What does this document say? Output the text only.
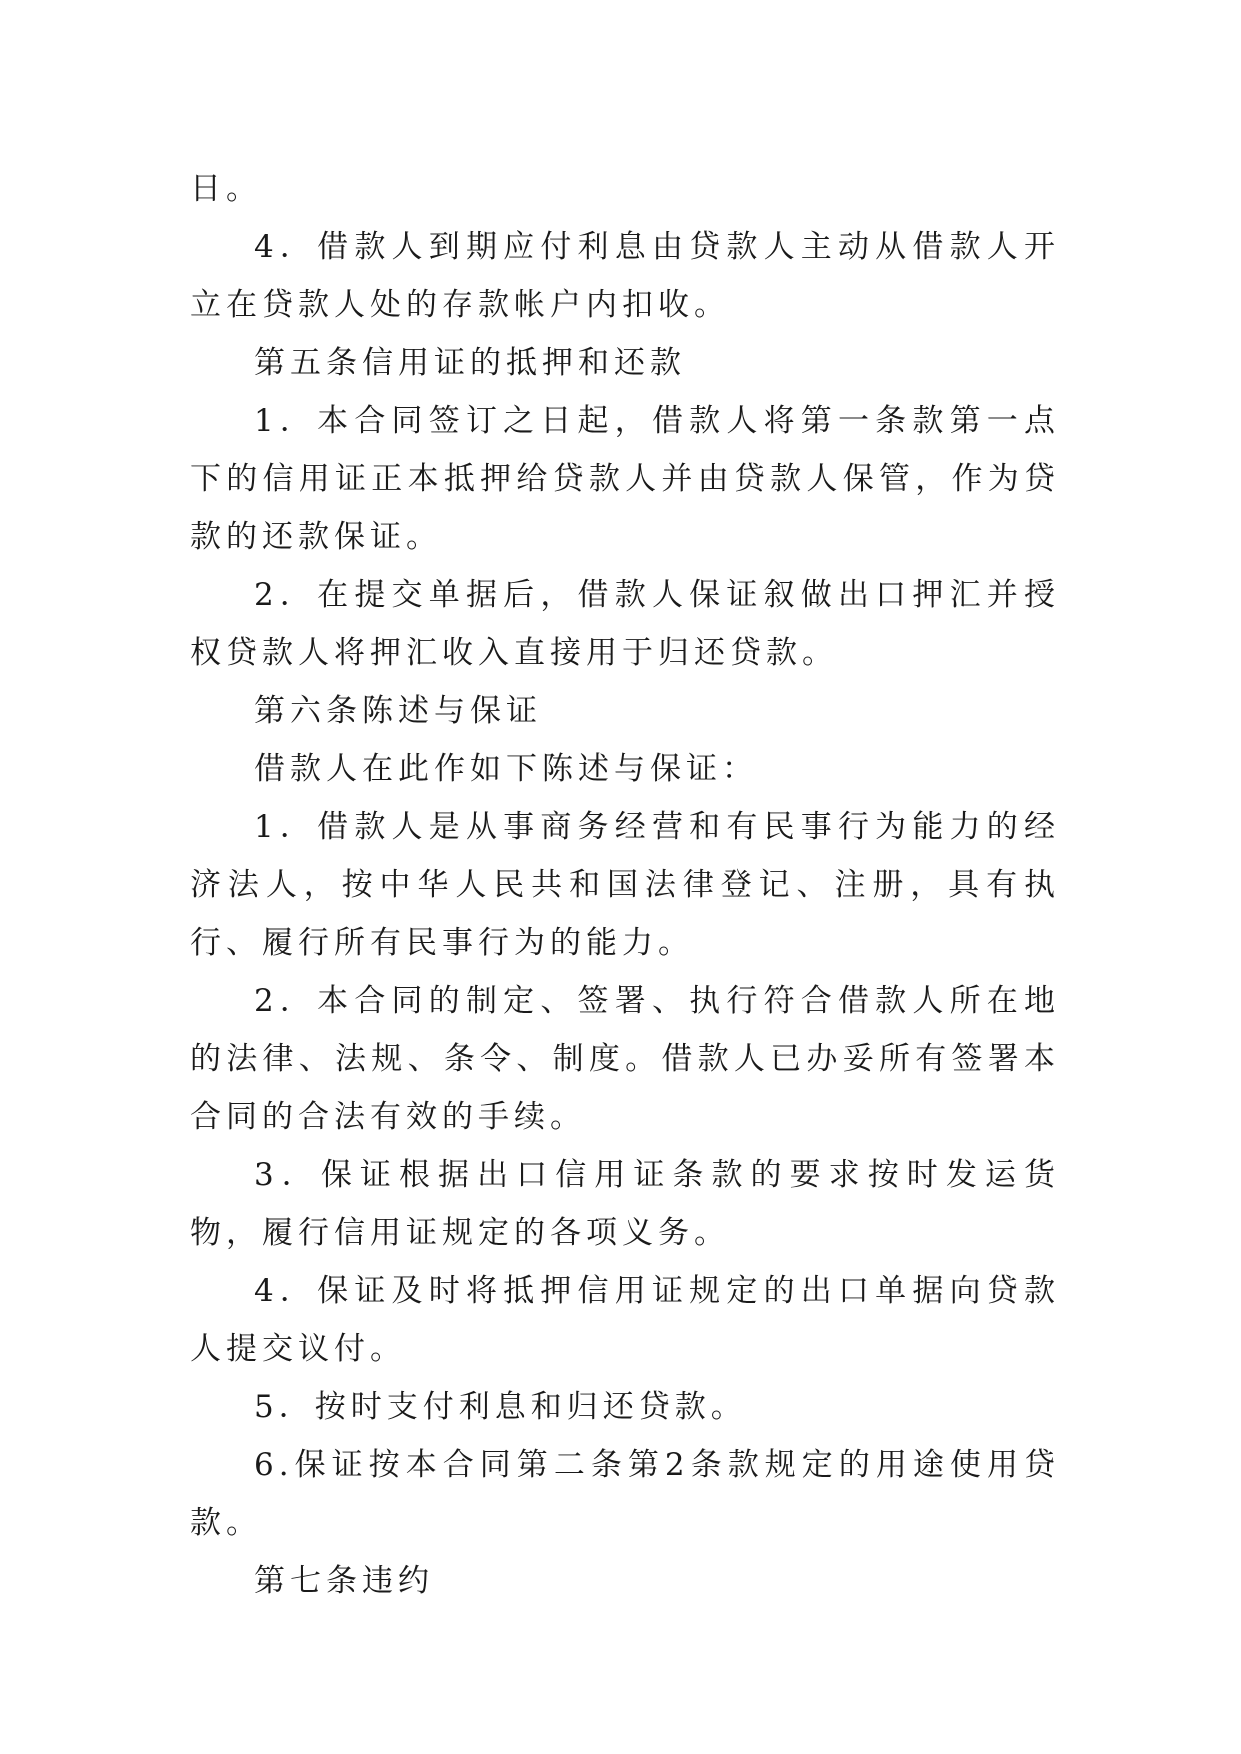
日。

4．借款人到期应付利息由贷款人主动从借款人开立在贷款人处的存款帐户内扣收。

第五条信用证的抵押和还款

1．本合同签订之日起，借款人将第一条款第一点下的信用证正本抵押给贷款人并由贷款人保管，作为贷款的还款保证。

2．在提交单据后，借款人保证叙做出口押汇并授权贷款人将押汇收入直接用于归还贷款。

第六条陈述与保证

借款人在此作如下陈述与保证：

1．借款人是从事商务经营和有民事行为能力的经济法人，按中华人民共和国法律登记、注册，具有执行、履行所有民事行为的能力。

2．本合同的制定、签署、执行符合借款人所在地的法律、法规、条令、制度。借款人已办妥所有签署本合同的合法有效的手续。

3．保证根据出口信用证条款的要求按时发运货物，履行信用证规定的各项义务。

4．保证及时将抵押信用证规定的出口单据向贷款人提交议付。

5．按时支付利息和归还贷款。

6.保证按本合同第二条第2条款规定的用途使用贷款。

第七条违约
